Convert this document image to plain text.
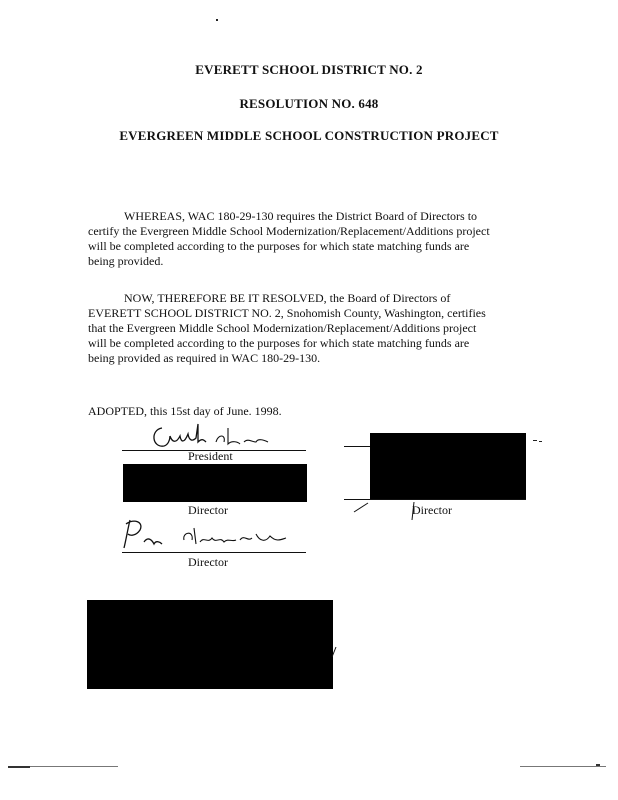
EVERETT SCHOOL DISTRICT NO. 2
RESOLUTION NO. 648
EVERGREEN MIDDLE SCHOOL CONSTRUCTION PROJECT
WHEREAS, WAC 180-29-130 requires the District Board of Directors to
certify the Evergreen Middle School Modernization/Replacement/Additions project
will be completed according to the purposes for which state matching funds are
being provided.
NOW, THEREFORE BE IT RESOLVED, the Board of Directors of
EVERETT SCHOOL DISTRICT NO. 2, Snohomish County, Washington, certifies
that the Evergreen Middle School Modernization/Replacement/Additions project
will be completed according to the purposes for which state matching funds are
being provided as required in WAC 180-29-130.
ADOPTED, this 15st day of June. 1998.
President
Director	Director
Director
